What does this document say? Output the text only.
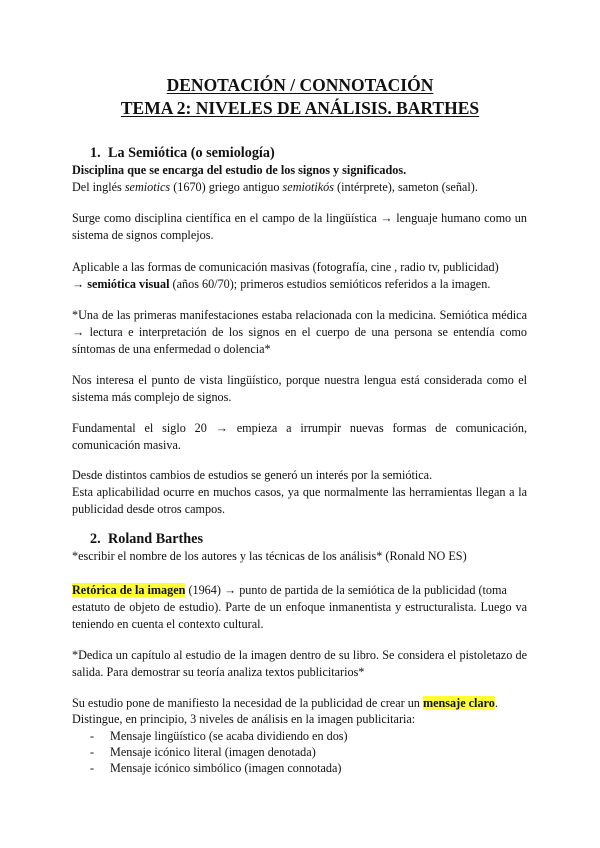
DENOTACIÓN / CONNOTACIÓN
TEMA 2: NIVELES DE ANÁLISIS. BARTHES
1. La Semiótica (o semiología)
Disciplina que se encarga del estudio de los signos y significados.
Del inglés semiotics (1670) griego antiguo semiotikós (intérprete), sameton (señal).
Surge como disciplina científica en el campo de la lingüística → lenguaje humano como un
sistema de signos complejos.
Aplicable a las formas de comunicación masivas (fotografía, cine , radio tv, publicidad)
→ semiótica visual (años 60/70); primeros estudios semióticos referidos a la imagen.
*Una de las primeras manifestaciones estaba relacionada con la medicina. Semiótica médica
→ lectura e interpretación de los signos en el cuerpo de una persona se entendía como
síntomas de una enfermedad o dolencia*
Nos interesa el punto de vista lingüístico, porque nuestra lengua está considerada como el
sistema más complejo de signos.
Fundamental el siglo 20 → empieza a irrumpir nuevas formas de comunicación,
comunicación masiva.
Desde distintos cambios de estudios se generó un interés por la semiótica.
Esta aplicabilidad ocurre en muchos casos, ya que normalmente las herramientas llegan a la
publicidad desde otros campos.
2. Roland Barthes
*escribir el nombre de los autores y las técnicas de los análisis* (Ronald NO ES)
Retórica de la imagen (1964) → punto de partida de la semiótica de la publicidad (toma
estatuto de objeto de estudio). Parte de un enfoque inmanentista y estructuralista. Luego va
teniendo en cuenta el contexto cultural.
*Dedica un capítulo al estudio de la imagen dentro de su libro. Se considera el pistoletazo de
salida. Para demostrar su teoría analiza textos publicitarios*
Su estudio pone de manifiesto la necesidad de la publicidad de crear un mensaje claro.
Distingue, en principio, 3 niveles de análisis en la imagen publicitaria:
- Mensaje lingüístico (se acaba dividiendo en dos)
- Mensaje icónico literal (imagen denotada)
- Mensaje icónico simbólico (imagen connotada)
